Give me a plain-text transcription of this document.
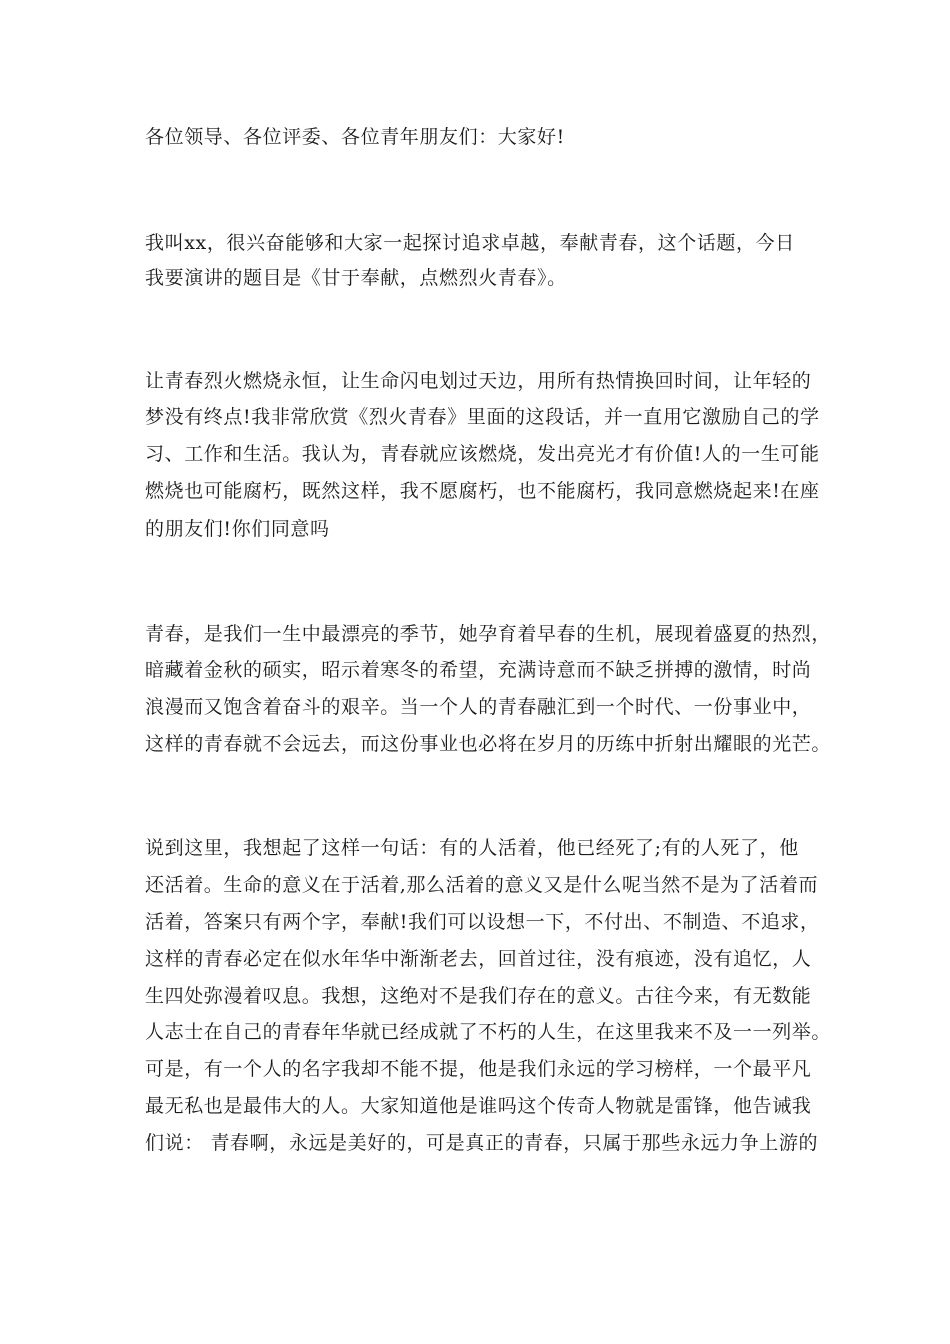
各位领导、各位评委、各位青年朋友们：大家好!
我叫xx，很兴奋能够和大家一起探讨追求卓越，奉献青春，这个话题，今日
我要演讲的题目是《甘于奉献，点燃烈火青春》。
让青春烈火燃烧永恒，让生命闪电划过天边，用所有热情换回时间，让年轻的
梦没有终点!我非常欣赏《烈火青春》里面的这段话，并一直用它激励自己的学
习、工作和生活。我认为，青春就应该燃烧，发出亮光才有价值!人的一生可能
燃烧也可能腐朽，既然这样，我不愿腐朽，也不能腐朽，我同意燃烧起来!在座
的朋友们!你们同意吗
青春，是我们一生中最漂亮的季节，她孕育着早春的生机，展现着盛夏的热烈，
暗藏着金秋的硕实，昭示着寒冬的希望，充满诗意而不缺乏拼搏的激情，时尚
浪漫而又饱含着奋斗的艰辛。当一个人的青春融汇到一个时代、一份事业中，
这样的青春就不会远去，而这份事业也必将在岁月的历练中折射出耀眼的光芒。
说到这里，我想起了这样一句话：有的人活着，他已经死了;有的人死了，他
还活着。生命的意义在于活着,那么活着的意义又是什么呢当然不是为了活着而
活着，答案只有两个字，奉献!我们可以设想一下，不付出、不制造、不追求，
这样的青春必定在似水年华中渐渐老去，回首过往，没有痕迹，没有追忆，人
生四处弥漫着叹息。我想，这绝对不是我们存在的意义。古往今来，有无数能
人志士在自己的青春年华就已经成就了不朽的人生，在这里我来不及一一列举。
可是，有一个人的名字我却不能不提，他是我们永远的学习榜样，一个最平凡
最无私也是最伟大的人。大家知道他是谁吗这个传奇人物就是雷锋，他告诫我
们说： 青春啊，永远是美好的，可是真正的青春，只属于那些永远力争上游的
